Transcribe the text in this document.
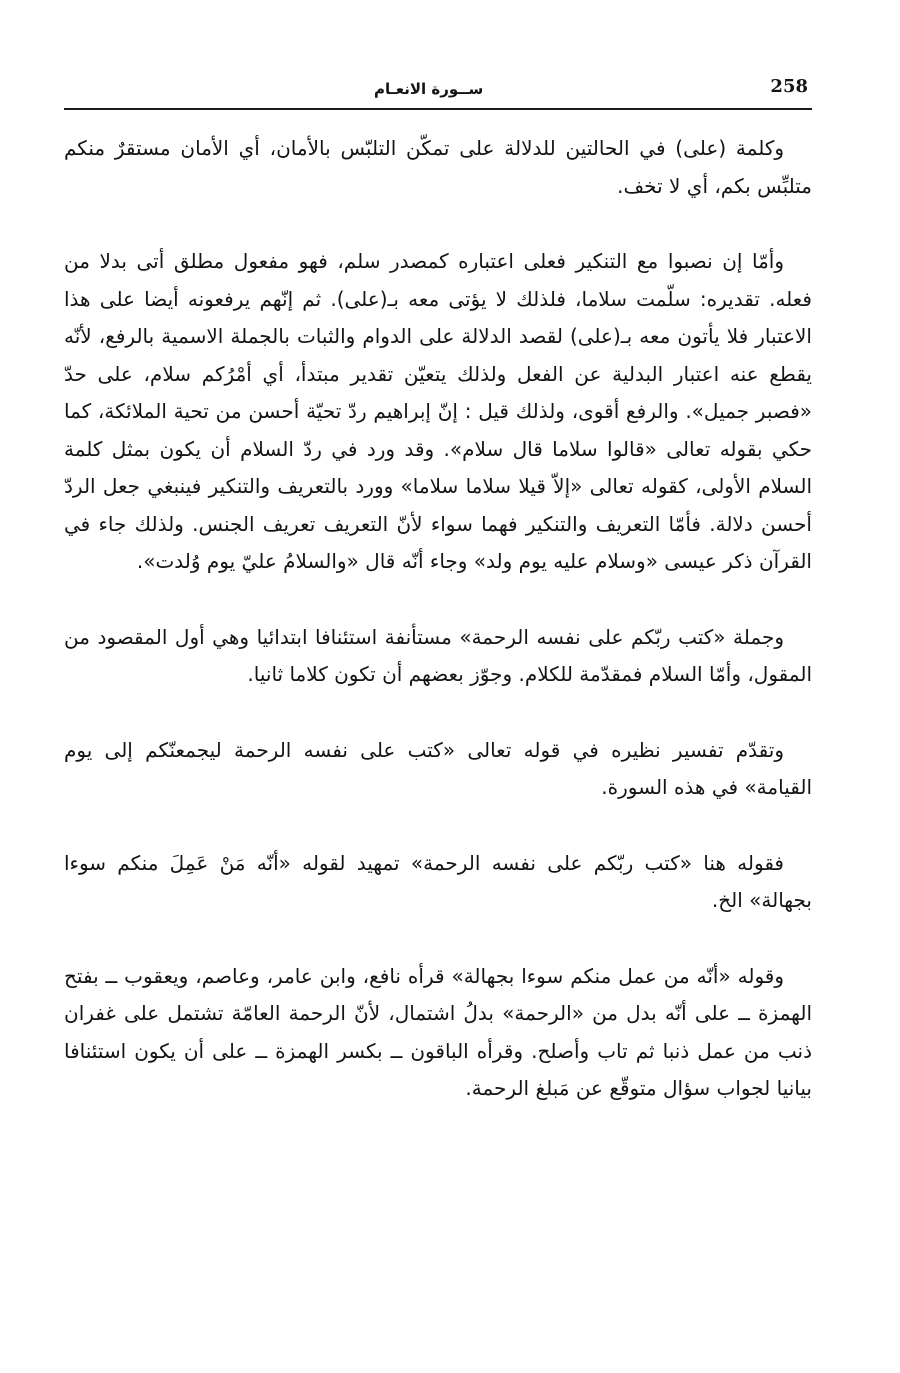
258
ســورة الانعـام

وكلمة (على) في الحالتين للدلالة على تمكّن التلبّس بالأمان، أي الأمان مستقرٌ منكم متلبِّس بكم، أي لا تخف.

وأمّا إن نصبوا مع التنكير فعلى اعتباره كمصدر سلم، فهو مفعول مطلق أتى بدلا من فعله. تقديره: سلّمت سلاما، فلذلك لا يؤتى معه بـ(على). ثم إنّهم يرفعونه أيضا على هذا الاعتبار فلا يأتون معه بـ(على) لقصد الدلالة على الدوام والثبات بالجملة الاسمية بالرفع، لأنّه يقطع عنه اعتبار البدلية عن الفعل ولذلك يتعيّن تقدير مبتدأ، أي أمْرُكم سلام، على حدّ «فصبر جميل». والرفع أقوى، ولذلك قيل : إنّ إبراهيم ردّ تحيّة أحسن من تحية الملائكة، كما حكي بقوله تعالى «قالوا سلاما قال سلام». وقد ورد في ردّ السلام أن يكون بمثل كلمة السلام الأولى، كقوله تعالى «إلاّ قيلا سلاما سلاما» وورد بالتعريف والتنكير فينبغي جعل الردّ أحسن دلالة. فأمّا التعريف والتنكير فهما سواء لأنّ التعريف تعريف الجنس. ولذلك جاء في القرآن ذكر عيسى «وسلام عليه يوم ولد» وجاء أنّه قال «والسلامُ عليّ يوم وُلدت».

وجملة «كتب ربّكم على نفسه الرحمة» مستأنفة استئنافا ابتدائيا وهي أول المقصود من المقول، وأمّا السلام فمقدّمة للكلام. وجوّز بعضهم أن تكون كلاما ثانيا.

وتقدّم تفسير نظيره في قوله تعالى «كتب على نفسه الرحمة ليجمعنّكم إلى يوم القيامة» في هذه السورة.

فقوله هنا «كتب ربّكم على نفسه الرحمة» تمهيد لقوله «أنّه مَنْ عَمِلَ منكم سوءا بجهالة» الخ.

وقوله «أنّه من عمل منكم سوءا بجهالة» قرأه نافع، وابن عامر، وعاصم، ويعقوب ــ بفتح الهمزة ــ على أنّه بدل من «الرحمة» بدلُ اشتمال، لأنّ الرحمة العامّة تشتمل على غفران ذنب من عمل ذنبا ثم تاب وأصلح. وقرأه الباقون ــ بكسر الهمزة ــ على أن يكون استئنافا بيانيا لجواب سؤال متوقّع عن مَبلغ الرحمة.
